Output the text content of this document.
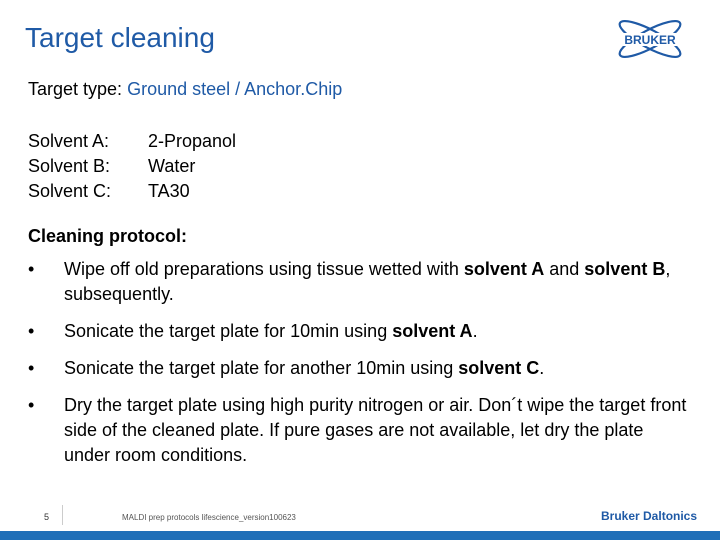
Target cleaning	BRUKER
Target type: Ground steel / Anchor.Chip
Solvent A:	2-Propanol
Solvent B:	Water
Solvent C:	TA30
Cleaning protocol:
•	Wipe off old preparations using tissue wetted with solvent A and solvent B, subsequently.
•	Sonicate the target plate for 10min using solvent A.
•	Sonicate the target plate for another 10min using solvent C.
•	Dry the target plate using high purity nitrogen or air. Don´t wipe the target front side of the cleaned plate. If pure gases are not available, let dry the plate under room conditions.
5	MALDI prep protocols lifescience_version100623	Bruker Daltonics
